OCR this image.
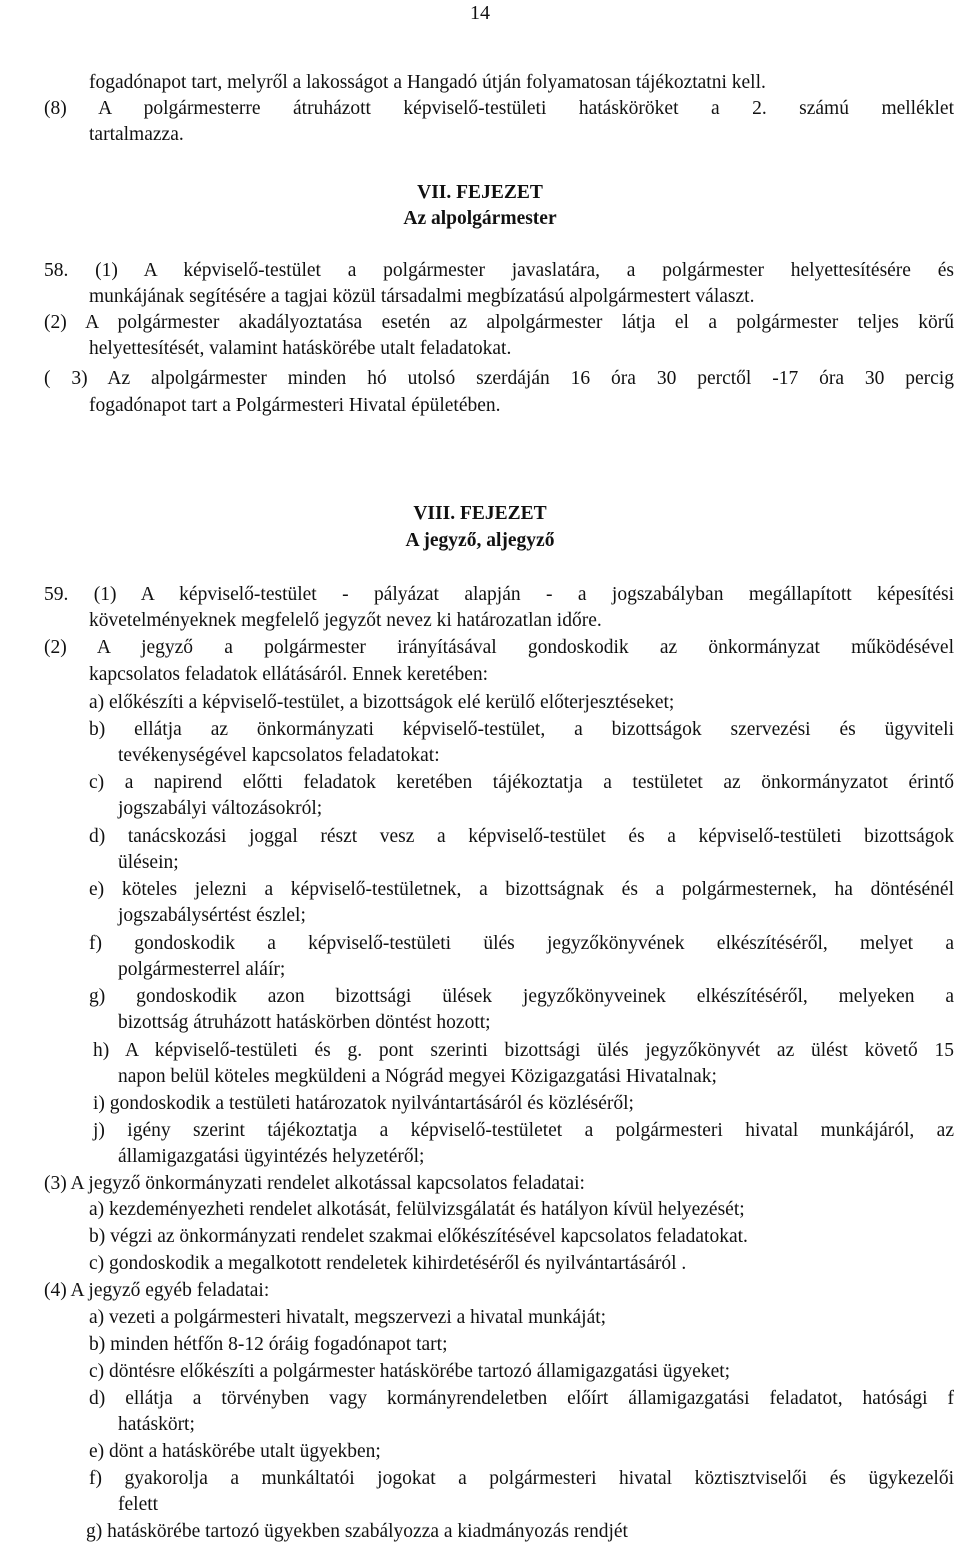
14
fogadónapot tart, melyről a lakosságot a Hangadó útján folyamatosan tájékoztatni kell.
(8) A polgármesterre átruházott képviselő-testületi hatásköröket a 2. számú melléklet
tartalmazza.
VII. FEJEZET
Az alpolgármester
58. (1) A képviselő-testület a polgármester javaslatára, a polgármester helyettesítésére és
munkájának segítésére a tagjai közül társadalmi megbízatású alpolgármestert választ.
(2) A polgármester akadályoztatása esetén az alpolgármester látja el a polgármester teljes körű
helyettesítését, valamint hatáskörébe utalt feladatokat.
( 3) Az alpolgármester minden hó utolsó szerdáján 16 óra 30 perctől -17 óra 30 percig
fogadónapot tart a Polgármesteri Hivatal épületében.
VIII. FEJEZET
A jegyző, aljegyző
59. (1) A képviselő-testület - pályázat alapján - a jogszabályban megállapított képesítési
követelményeknek megfelelő jegyzőt nevez ki határozatlan időre.
(2) A jegyző a polgármester irányításával gondoskodik az önkormányzat működésével
kapcsolatos feladatok ellátásáról. Ennek keretében:
a) előkészíti a képviselő-testület, a bizottságok elé kerülő előterjesztéseket;
b) ellátja az önkormányzati képviselő-testület, a bizottságok szervezési és ügyviteli
tevékenységével kapcsolatos feladatokat:
c) a napirend előtti feladatok keretében tájékoztatja a testületet az önkormányzatot érintő
jogszabályi változásokról;
d) tanácskozási joggal részt vesz a képviselő-testület és a képviselő-testületi bizottságok
ülésein;
e) köteles jelezni a képviselő-testületnek, a bizottságnak és a polgármesternek, ha döntésénél
jogszabálysértést észlel;
f) gondoskodik a képviselő-testületi ülés jegyzőkönyvének elkészítéséről, melyet a
polgármesterrel aláír;
g) gondoskodik azon bizottsági ülések jegyzőkönyveinek elkészítéséről, melyeken a
bizottság átruházott hatáskörben döntést hozott;
h) A képviselő-testületi és g. pont szerinti bizottsági ülés jegyzőkönyvét az ülést követő 15
napon belül köteles megküldeni a Nógrád megyei Közigazgatási Hivatalnak;
i) gondoskodik a testületi határozatok nyilvántartásáról és közléséről;
j) igény szerint tájékoztatja a képviselő-testületet a polgármesteri hivatal munkájáról, az
államigazgatási ügyintézés helyzetéről;
(3) A jegyző önkormányzati rendelet alkotással kapcsolatos feladatai:
a) kezdeményezheti rendelet alkotását, felülvizsgálatát és hatályon kívül helyezését;
b) végzi az önkormányzati rendelet szakmai előkészítésével kapcsolatos feladatokat.
c) gondoskodik a megalkotott rendeletek kihirdetéséről és nyilvántartásáról .
(4) A jegyző egyéb feladatai:
a) vezeti a polgármesteri hivatalt, megszervezi a hivatal munkáját;
b) minden hétfőn 8-12 óráig fogadónapot tart;
c) döntésre előkészíti a polgármester hatáskörébe tartozó államigazgatási ügyeket;
d) ellátja a törvényben vagy kormányrendeletben előírt államigazgatási feladatot, hatósági f
hatáskört;
e) dönt a hatáskörébe utalt ügyekben;
f) gyakorolja a munkáltatói jogokat a polgármesteri hivatal köztisztviselői és ügykezelői
felett
g) hatáskörébe tartozó ügyekben szabályozza a kiadmányozás rendjét
